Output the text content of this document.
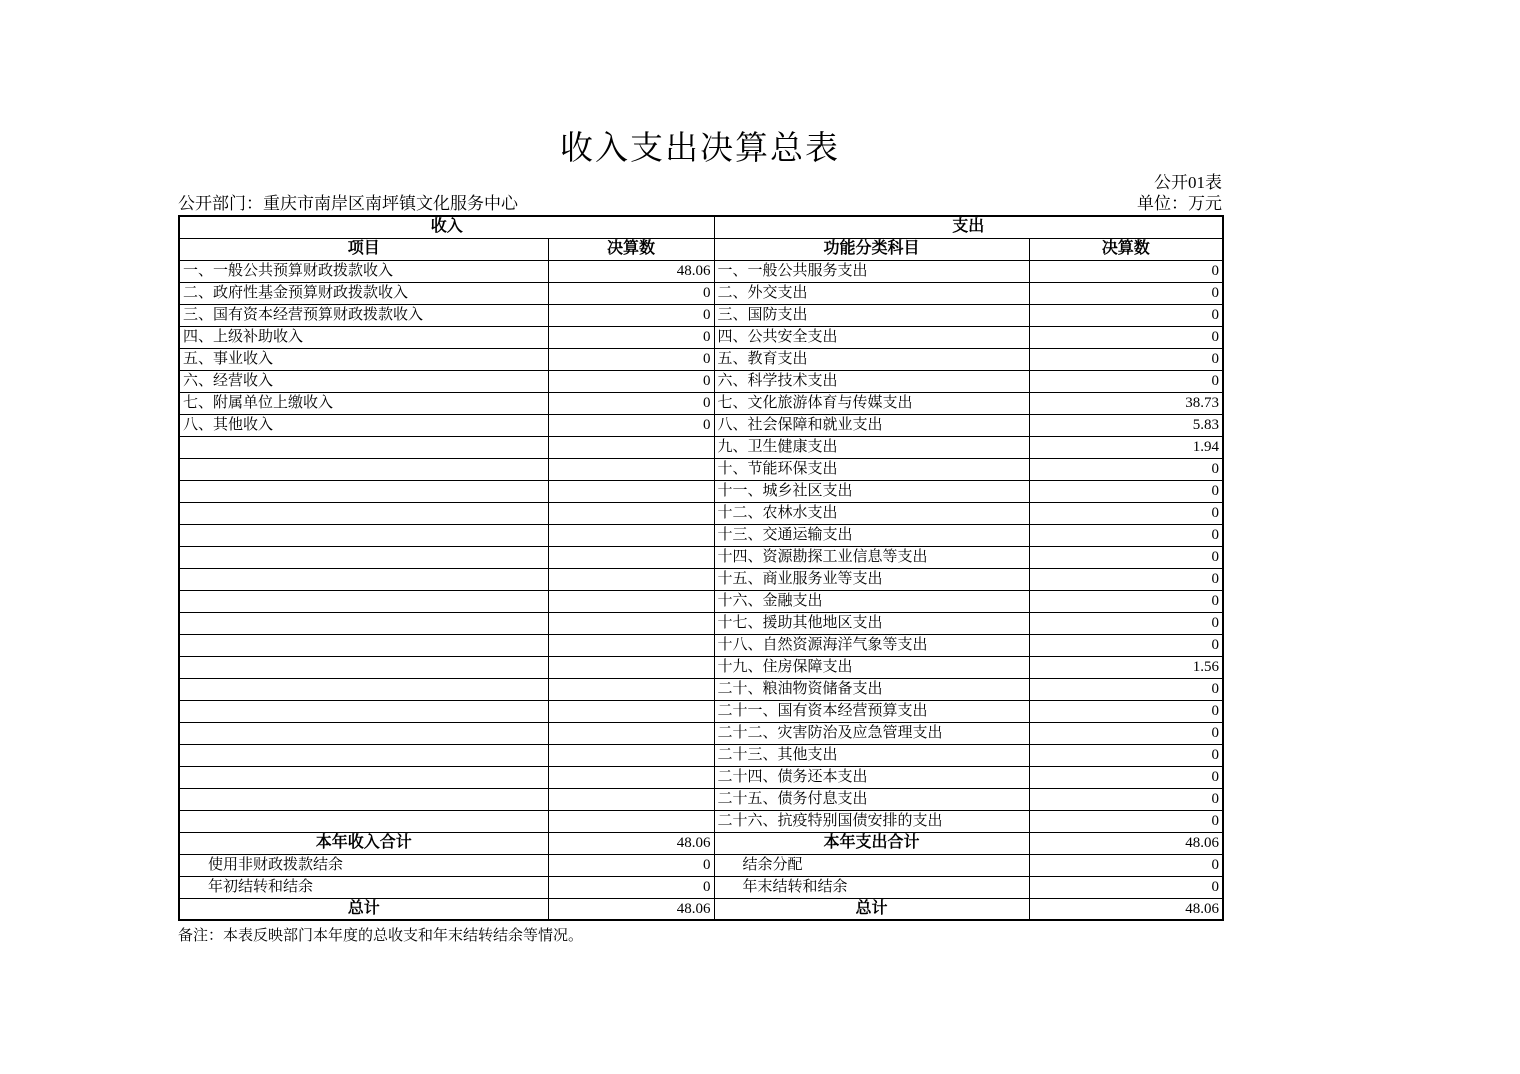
收入支出决算总表
公开01表
公开部门：重庆市南岸区南坪镇文化服务中心	单位：万元
收入		支出	
项目	决算数	功能分类科目	决算数
一、一般公共预算财政拨款收入	48.06	一、一般公共服务支出	0
二、政府性基金预算财政拨款收入	0	二、外交支出	0
三、国有资本经营预算财政拨款收入	0	三、国防支出	0
四、上级补助收入	0	四、公共安全支出	0
五、事业收入	0	五、教育支出	0
六、经营收入	0	六、科学技术支出	0
七、附属单位上缴收入	0	七、文化旅游体育与传媒支出	38.73
八、其他收入	0	八、社会保障和就业支出	5.83
		九、卫生健康支出	1.94
		十、节能环保支出	0
		十一、城乡社区支出	0
		十二、农林水支出	0
		十三、交通运输支出	0
		十四、资源勘探工业信息等支出	0
		十五、商业服务业等支出	0
		十六、金融支出	0
		十七、援助其他地区支出	0
		十八、自然资源海洋气象等支出	0
		十九、住房保障支出	1.56
		二十、粮油物资储备支出	0
		二十一、国有资本经营预算支出	0
		二十二、灾害防治及应急管理支出	0
		二十三、其他支出	0
		二十四、债务还本支出	0
		二十五、债务付息支出	0
		二十六、抗疫特别国债安排的支出	0
本年收入合计	48.06	本年支出合计	48.06
使用非财政拨款结余	0	结余分配	0
年初结转和结余	0	年末结转和结余	0
总计	48.06	总计	48.06
备注：本表反映部门本年度的总收支和年末结转结余等情况。
